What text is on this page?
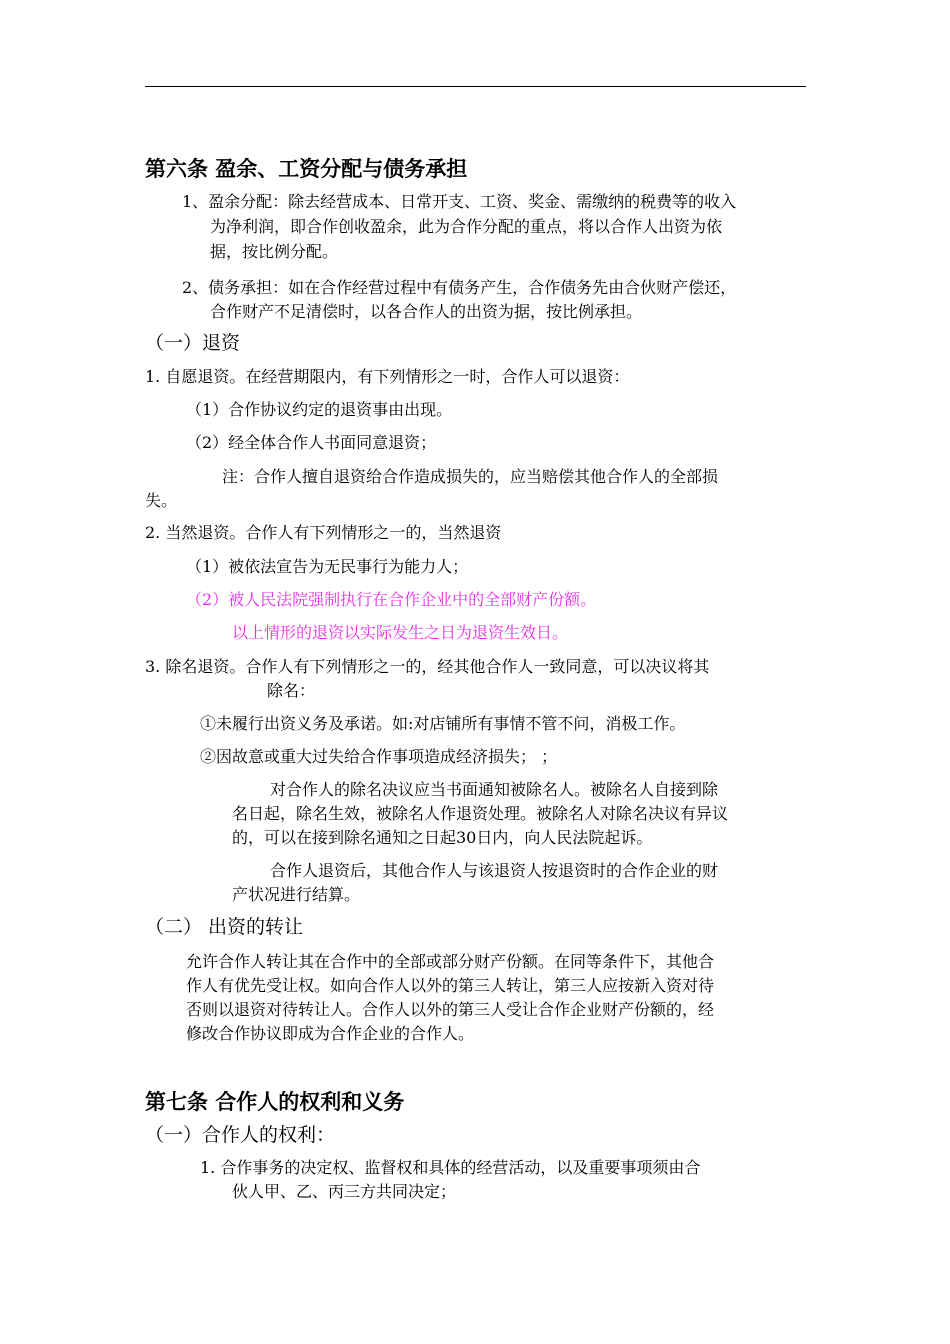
第六条 盈余、工资分配与债务承担
1、盈余分配：除去经营成本、日常开支、工资、奖金、需缴纳的税费等的收入
为净利润，即合作创收盈余，此为合作分配的重点，将以合作人出资为依
据，按比例分配。
2、债务承担：如在合作经营过程中有债务产生，合作债务先由合伙财产偿还，
合作财产不足清偿时，以各合作人的出资为据，按比例承担。
（一）退资
1. 自愿退资。在经营期限内，有下列情形之一时，合作人可以退资：
（1）合作协议约定的退资事由出现。
（2）经全体合作人书面同意退资；
注：合作人擅自退资给合作造成损失的，应当赔偿其他合作人的全部损
失。
2. 当然退资。合作人有下列情形之一的，当然退资
（1）被依法宣告为无民事行为能力人；
（2）被人民法院强制执行在合作企业中的全部财产份额。
以上情形的退资以实际发生之日为退资生效日。
3. 除名退资。合作人有下列情形之一的，经其他合作人一致同意，可以决议将其
除名：
①未履行出资义务及承诺。如:对店铺所有事情不管不问，消极工作。
②因故意或重大过失给合作事项造成经济损失； ；
对合作人的除名决议应当书面通知被除名人。被除名人自接到除
名日起，除名生效，被除名人作退资处理。被除名人对除名决议有异议
的，可以在接到除名通知之日起30日内，向人民法院起诉。
合作人退资后，其他合作人与该退资人按退资时的合作企业的财
产状况进行结算。
（二） 出资的转让
允许合作人转让其在合作中的全部或部分财产份额。在同等条件下，其他合
作人有优先受让权。如向合作人以外的第三人转让，第三人应按新入资对待
否则以退资对待转让人。合作人以外的第三人受让合作企业财产份额的，经
修改合作协议即成为合作企业的合作人。
第七条 合作人的权利和义务
（一）合作人的权利：
1. 合作事务的决定权、监督权和具体的经营活动，以及重要事项须由合
伙人甲、乙、丙三方共同决定；
